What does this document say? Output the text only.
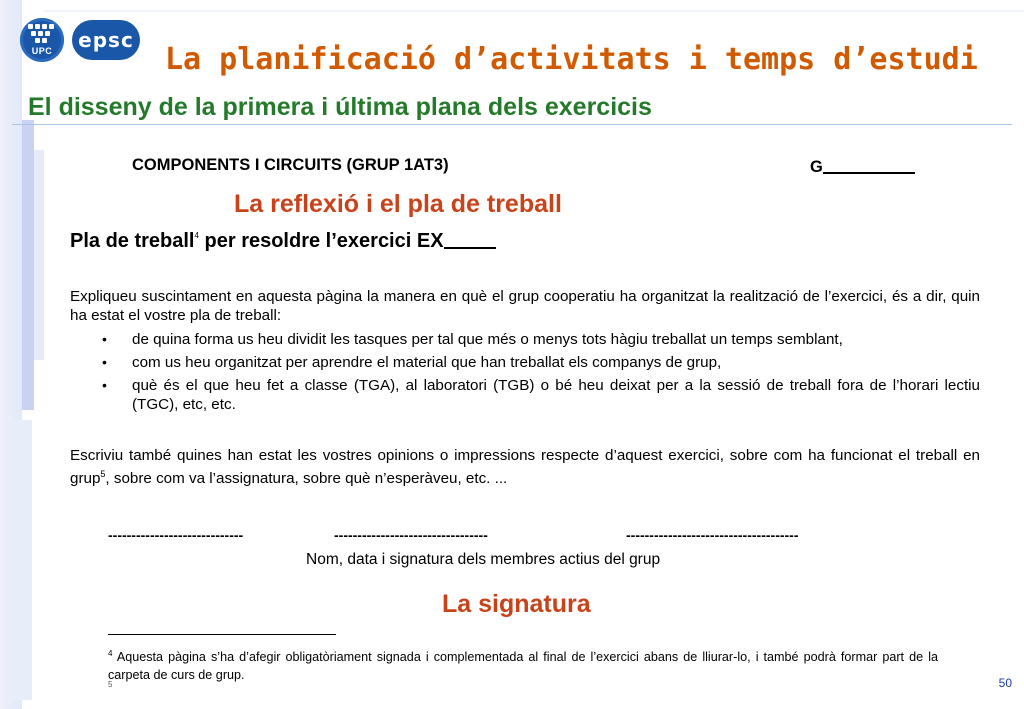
UPC	epsc
La planificació d’activitats i temps d’estudi
El disseny de la primera i última plana dels exercicis
COMPONENTS I CIRCUITS (GRUP 1AT3)	G
La reflexió i el pla de treball
Pla de treball$^4$ per resoldre l’exercici EX
Expliqueu suscintament en aquesta pàgina la manera en què el grup cooperatiu ha organitzat la realització de l’exercici, és a dir, quin ha estat el vostre pla de treball:
• de quina forma us heu dividit les tasques per tal que més o menys tots hàgiu treballat un temps semblant,
• com us heu organitzat per aprendre el material que han treballat els companys de grup,
• què és el que heu fet a classe (TGA), al laboratori (TGB) o bé heu deixat per a la sessió de treball fora de l’horari lectiu (TGC), etc, etc.
Escriviu també quines han estat les vostres opinions o impressions respecte d’aquest exercici, sobre com ha funcionat el treball en grup$^5$, sobre com va l’assignatura, sobre què n’esperàveu, etc. ...
-----------------------------	---------------------------------	-------------------------------------
Nom, data i signatura dels membres actius del grup
La signatura
$^4$ Aquesta pàgina s’ha d’afegir obligatòriament signada i complementada al final de l’exercici abans de lliurar-lo, i també podrà formar part de la carpeta de curs de grup.
5	50
